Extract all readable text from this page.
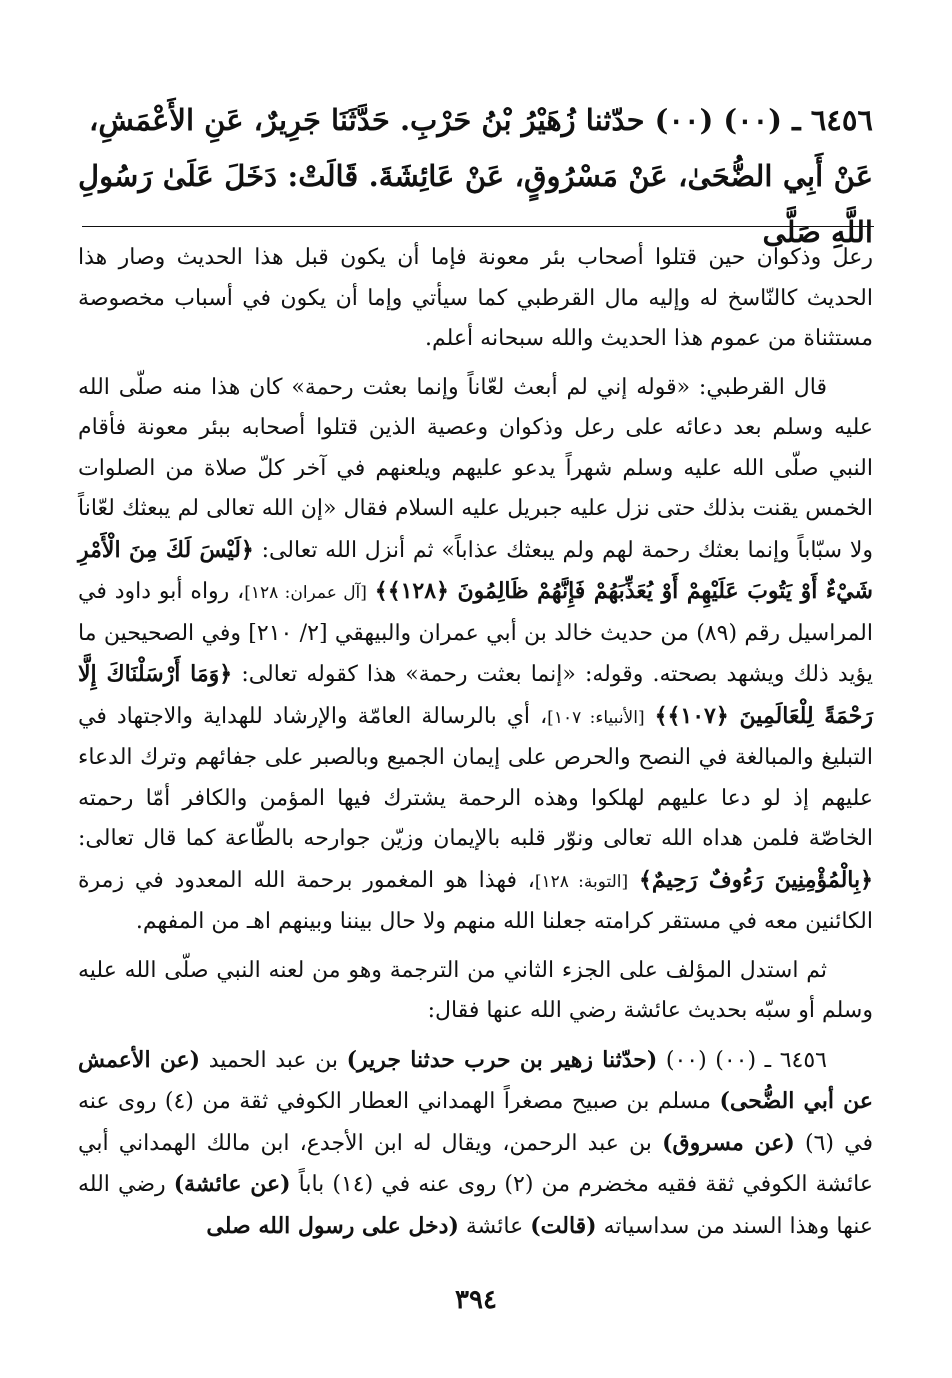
٦٤٥٦ ـ (٠٠) (٠٠) حدّثنا زُهَيْرُ بْنُ حَرْبِ. حَدَّثَنَا جَرِيرٌ، عَنِ الأَعْمَشِ،

عَنْ أَبِي الضُّحَىٰ، عَنْ مَسْرُوقٍ، عَنْ عَائِشَةَ. قَالَتْ: دَخَلَ عَلَىٰ رَسُولِ اللَّهِ صَلَّى

رعل وذكوان حين قتلوا أصحاب بئر معونة فإما أن يكون قبل هذا الحديث وصار هذا الحديث كالنّاسخ له وإليه مال القرطبي كما سيأتي وإما أن يكون في أسباب مخصوصة مستثناة من عموم هذا الحديث والله سبحانه أعلم.

قال القرطبي: «قوله إني لم أبعث لعّاناً وإنما بعثت رحمة» كان هذا منه صلّى الله عليه وسلم بعد دعائه على رعل وذكوان وعصية الذين قتلوا أصحابه ببئر معونة فأقام النبي صلّى الله عليه وسلم شهراً يدعو عليهم ويلعنهم في آخر كلّ صلاة من الصلوات الخمس يقنت بذلك حتى نزل عليه جبريل عليه السلام فقال «إن الله تعالى لم يبعثك لعّاناً ولا سبّاباً وإنما بعثك رحمة لهم ولم يبعثك عذاباً» ثم أنزل الله تعالى: ﴿لَيْسَ لَكَ مِنَ الْأَمْرِ شَيْءٌ أَوْ يَتُوبَ عَلَيْهِمْ أَوْ يُعَذِّبَهُمْ فَإِنَّهُمْ ظَالِمُونَ ﴿١٢٨﴾﴾ [آل عمران: ١٢٨]، رواه أبو داود في المراسيل رقم (٨٩) من حديث خالد بن أبي عمران والبيهقي [٢/ ٢١٠] وفي الصحيحين ما يؤيد ذلك ويشهد بصحته. وقوله: «إنما بعثت رحمة» هذا كقوله تعالى: ﴿وَمَا أَرْسَلْنَاكَ إِلَّا رَحْمَةً لِلْعَالَمِينَ ﴿١٠٧﴾﴾ [الأنبياء: ١٠٧]، أي بالرسالة العامّة والإرشاد للهداية والاجتهاد في التبليغ والمبالغة في النصح والحرص على إيمان الجميع وبالصبر على جفائهم وترك الدعاء عليهم إذ لو دعا عليهم لهلكوا وهذه الرحمة يشترك فيها المؤمن والكافر أمّا رحمته الخاصّة فلمن هداه الله تعالى ونوّر قلبه بالإيمان وزيّن جوارحه بالطّاعة كما قال تعالى: ﴿بِالْمُؤْمِنِينَ رَءُوفٌ رَحِيمٌ﴾ [التوبة: ١٢٨]، فهذا هو المغمور برحمة الله المعدود في زمرة الكائنين معه في مستقر كرامته جعلنا الله منهم ولا حال بيننا وبينهم اهـ من المفهم.

ثم استدل المؤلف على الجزء الثاني من الترجمة وهو من لعنه النبي صلّى الله عليه وسلم أو سبّه بحديث عائشة رضي الله عنها فقال:

٦٤٥٦ ـ (٠٠) (٠٠) (حدّثنا زهير بن حرب حدثنا جرير) بن عبد الحميد (عن الأعمش عن أبي الضُّحى) مسلم بن صبيح مصغراً الهمداني العطار الكوفي ثقة من (٤) روى عنه في (٦) (عن مسروق) بن عبد الرحمن، ويقال له ابن الأجدع، ابن مالك الهمداني أبي عائشة الكوفي ثقة فقيه مخضرم من (٢) روى عنه في (١٤) باباً (عن عائشة) رضي الله عنها وهذا السند من سداسياته (قالت) عائشة (دخل على رسول الله صلى

٣٩٤
